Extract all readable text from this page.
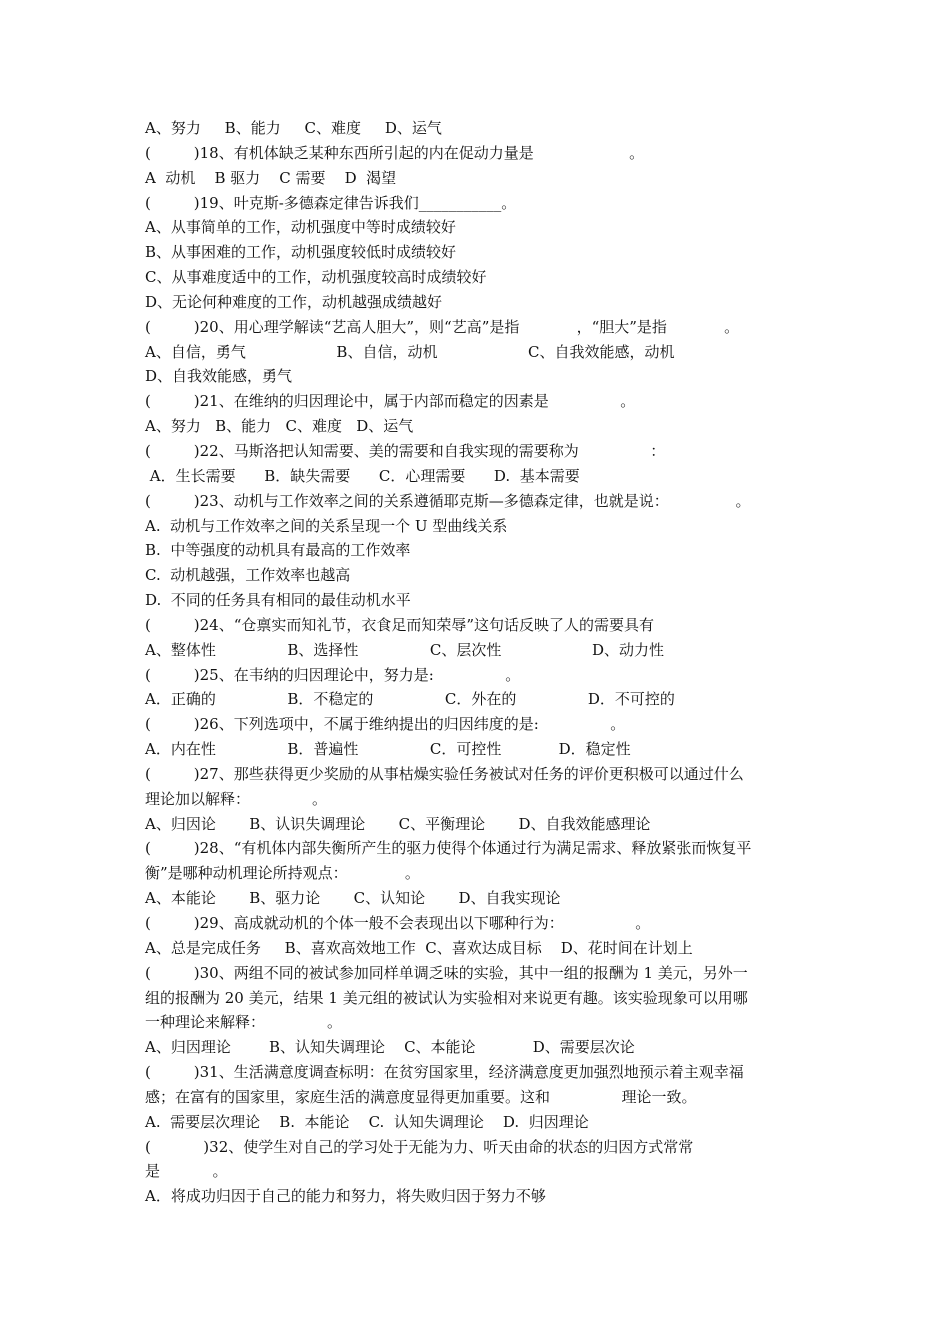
A、努力     B、能力     C、难度     D、运气
(         )18、有机体缺乏某种东西所引起的内在促动力量是                    。
A  动机    B 驱力    C 需要    D  渴望
(         )19、叶克斯-多德森定律告诉我们___________。
A、从事简单的工作，动机强度中等时成绩较好
B、从事困难的工作，动机强度较低时成绩较好
C、从事难度适中的工作，动机强度较高时成绩较好
D、无论何种难度的工作，动机越强成绩越好
(         )20、用心理学解读“艺高人胆大”，则“艺高”是指            ，“胆大”是指            。
A、自信，勇气                   B、自信，动机                   C、自我效能感，动机
D、自我效能感，勇气
(         )21、在维纳的归因理论中，属于内部而稳定的因素是               。
A、努力   B、能力   C、难度   D、运气
(         )22、马斯洛把认知需要、美的需要和自我实现的需要称为               ：
A．生长需要      B．缺失需要      C．心理需要      D.  基本需要
(         )23、动机与工作效率之间的关系遵循耶克斯—多德森定律，也就是说：              。
A.  动机与工作效率之间的关系呈现一个 U 型曲线关系
B.  中等强度的动机具有最高的工作效率
C.  动机越强，工作效率也越高
D.  不同的任务具有相同的最佳动机水平
(         )24、“仓禀实而知礼节，衣食足而知荣辱”这句话反映了人的需要具有
A、整体性               B、选择性               C、层次性                   D、动力性
(         )25、在韦纳的归因理论中，努力是:               。
A．正确的               B．不稳定的               C．外在的               D．不可控的
(         )26、下列选项中，不属于维纳提出的归因纬度的是:               。
A．内在性               B．普遍性               C．可控性            D．稳定性
(         )27、那些获得更少奖励的从事枯燥实验任务被试对任务的评价更积极可以通过什么
理论加以解释：             。
A、归因论       B、认识失调理论       C、平衡理论       D、自我效能感理论
(         )28、“有机体内部失衡所产生的驱力使得个体通过行为满足需求、释放紧张而恢复平
衡”是哪种动机理论所持观点：            。
A、本能论       B、驱力论       C、认知论       D、自我实现论
(         )29、高成就动机的个体一般不会表现出以下哪种行为：               。
A、总是完成任务     B、喜欢高效地工作  C、喜欢达成目标    D、花时间在计划上
(         )30、两组不同的被试参加同样单调乏味的实验，其中一组的报酬为 1 美元，另外一
组的报酬为 20 美元，结果 1 美元组的被试认为实验相对来说更有趣。该实验现象可以用哪
一种理论来解释：             。
A、归因理论        B、认知失调理论    C、本能论            D、需要层次论
(         )31、生活满意度调查标明：在贫穷国家里，经济满意度更加强烈地预示着主观幸福
感；在富有的国家里，家庭生活的满意度显得更加重要。这和               理论一致。
A.  需要层次理论    B.  本能论    C.  认知失调理论    D.  归因理论
(           )32、使学生对自己的学习处于无能为力、听天由命的状态的归因方式常常
是           。
A．将成功归因于自己的能力和努力，将失败归因于努力不够
